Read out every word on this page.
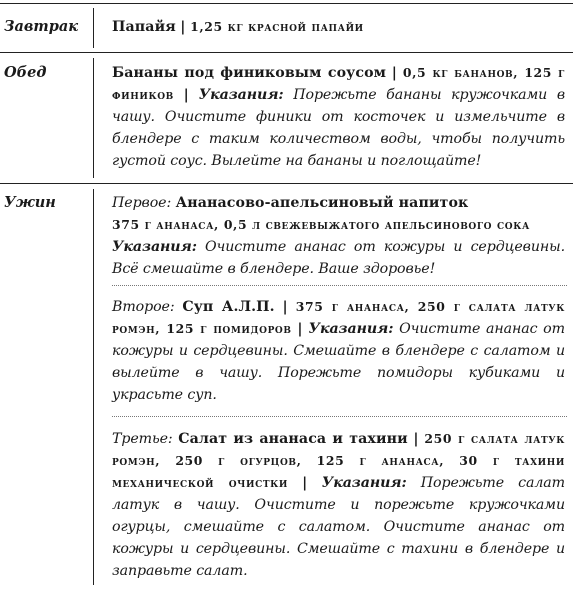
Завтрак Папайя | 1,25 кг красной папайи
Обед	Бананы под финиковым соусом | 0,5 кг бананов, 125 г фиников | Указания: Порежьте бананы кружочками в чашу. Очистите финики от косточек и измельчите в блендере с таким количеством воды, чтобы получить густой соус. Вылейте на бананы и поглощайте!
Ужин	Первое: Ананасово-апельсиновый напиток
375 г ананаса, 0,5 л свежевыжатого апельсинового сока
Указания: Очистите ананас от кожуры и сердцевины. Всё смешайте в блендере. Ваше здоровье!
Второе: Суп А.Л.П. | 375 г ананаса, 250 г салата латук ромэн, 125 г помидоров | Указания: Очистите ананас от кожуры и сердцевины. Смешайте в блендере с салатом и вылейте в чашу. Порежьте помидоры кубиками и украсьте суп.
Третье: Салат из ананаса и тахини | 250 г салата латук ромэн, 250 г огурцов, 125 г ананаса, 30 г тахини механической очистки | Указания: Порежьте салат латук в чашу. Очистите и порежьте кружочками огурцы, смешайте с салатом. Очистите ананас от кожуры и сердцевины. Смешайте с тахини в блендере и заправьте салат.
